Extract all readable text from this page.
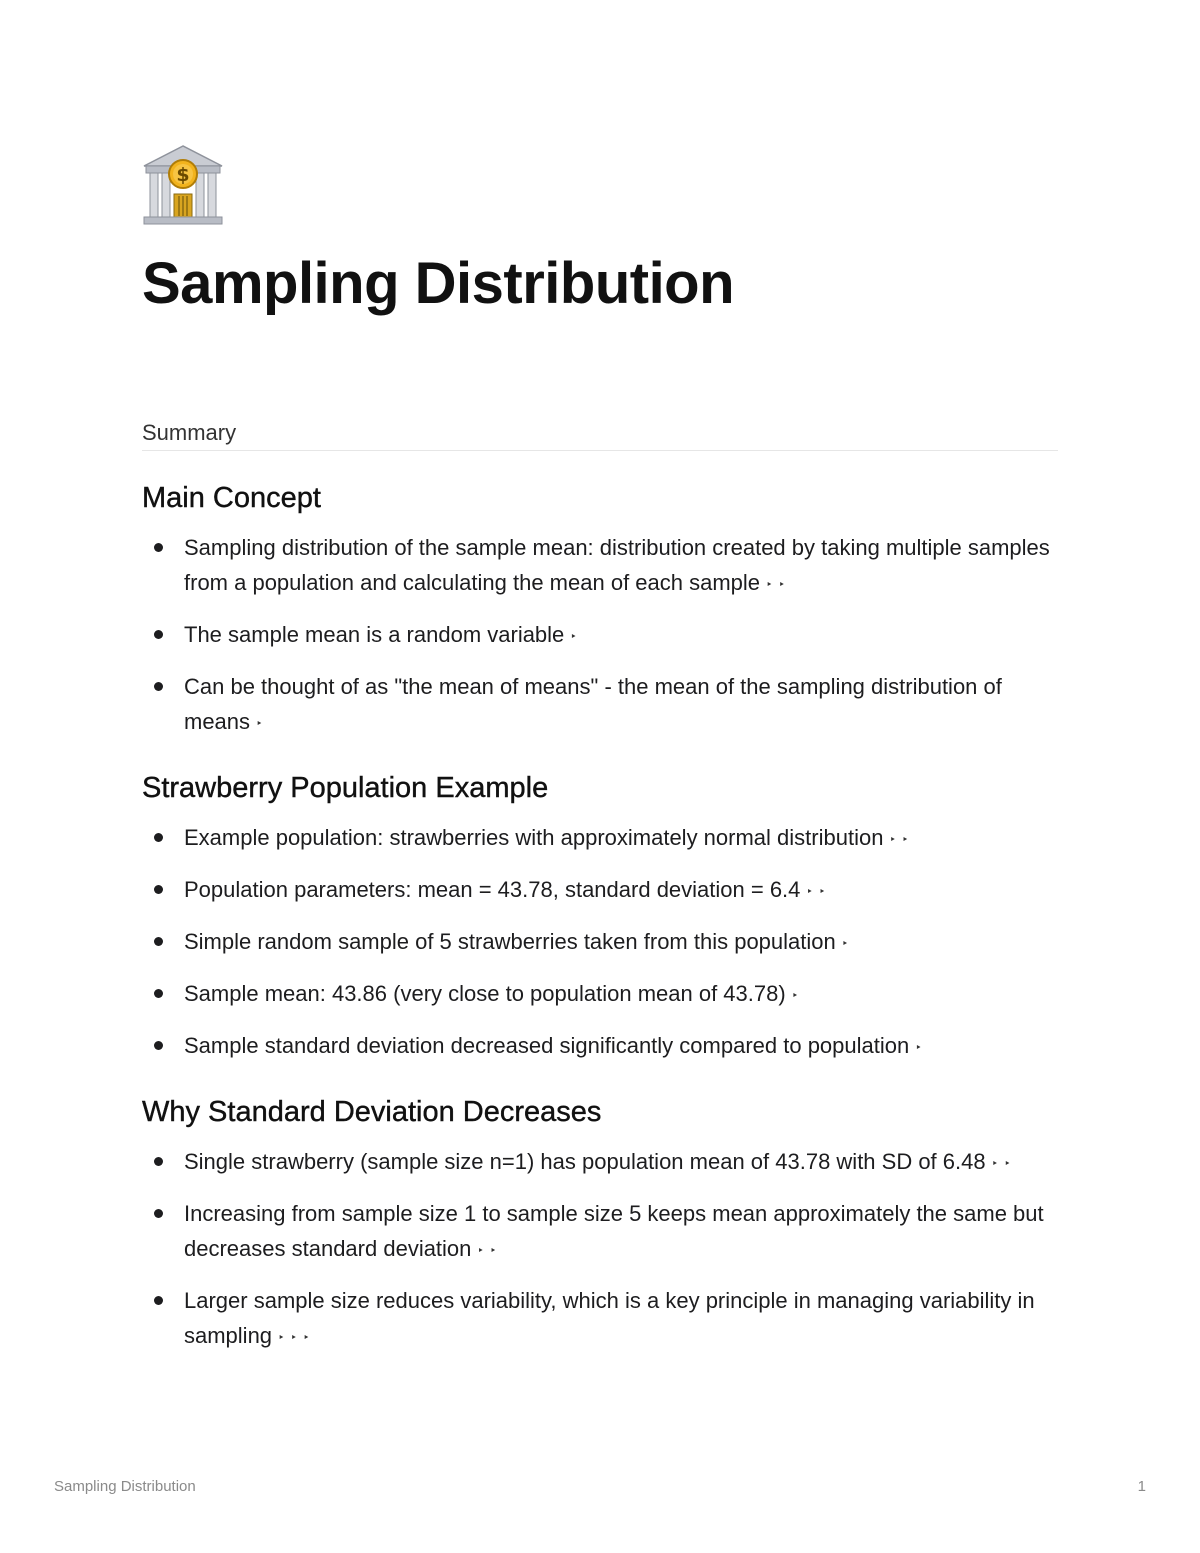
$
Sampling Distribution
Summary
Main Concept
Sampling distribution of the sample mean: distribution created by taking multiple samples from a population and calculating the mean of each sample ‣‣
The sample mean is a random variable ‣
Can be thought of as "the mean of means" - the mean of the sampling distribution of means ‣
Strawberry Population Example
Example population: strawberries with approximately normal distribution ‣‣
Population parameters: mean = 43.78, standard deviation = 6.4 ‣‣
Simple random sample of 5 strawberries taken from this population ‣
Sample mean: 43.86 (very close to population mean of 43.78) ‣
Sample standard deviation decreased significantly compared to population ‣
Why Standard Deviation Decreases
Single strawberry (sample size n=1) has population mean of 43.78 with SD of 6.48 ‣‣
Increasing from sample size 1 to sample size 5 keeps mean approximately the same but decreases standard deviation ‣‣
Larger sample size reduces variability, which is a key principle in managing variability in sampling ‣‣‣
Sampling Distribution	1
